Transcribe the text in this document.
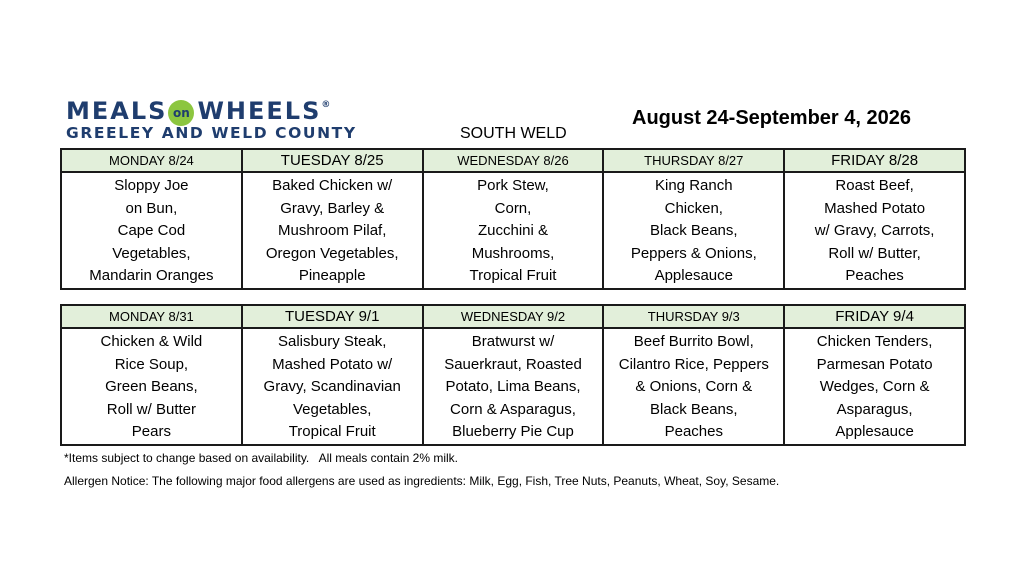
MEALS on WHEELS®
GREELEY AND WELD COUNTY	SOUTH WELD
August 24-September 4, 2026
MONDAY 8/24	TUESDAY 8/25	WEDNESDAY 8/26	THURSDAY 8/27	FRIDAY 8/28

Sloppy Joe
on Bun,
Cape Cod
Vegetables,
Mandarin Oranges	Baked Chicken w/
Gravy, Barley &
Mushroom Pilaf,
Oregon Vegetables,
Pineapple	Pork Stew,
Corn,
Zucchini &
Mushrooms,
Tropical Fruit	King Ranch
Chicken,
Black Beans,
Peppers & Onions,
Applesauce	Roast Beef,
Mashed Potato
w/ Gravy, Carrots,
Roll w/ Butter,
Peaches
MONDAY 8/31	TUESDAY 9/1	WEDNESDAY 9/2	THURSDAY 9/3	FRIDAY 9/4

Chicken & Wild
Rice Soup,
Green Beans,
Roll w/ Butter
Pears	Salisbury Steak,
Mashed Potato w/
Gravy, Scandinavian
Vegetables,
Tropical Fruit	Bratwurst w/
Sauerkraut, Roasted
Potato, Lima Beans,
Corn & Asparagus,
Blueberry Pie Cup	Beef Burrito Bowl,
Cilantro Rice, Peppers
& Onions, Corn &
Black Beans,
Peaches	Chicken Tenders,
Parmesan Potato
Wedges, Corn &
Asparagus,
Applesauce
*Items subject to change based on availability.   All meals contain 2% milk.
Allergen Notice: The following major food allergens are used as ingredients: Milk, Egg, Fish, Tree Nuts, Peanuts, Wheat, Soy, Sesame.
